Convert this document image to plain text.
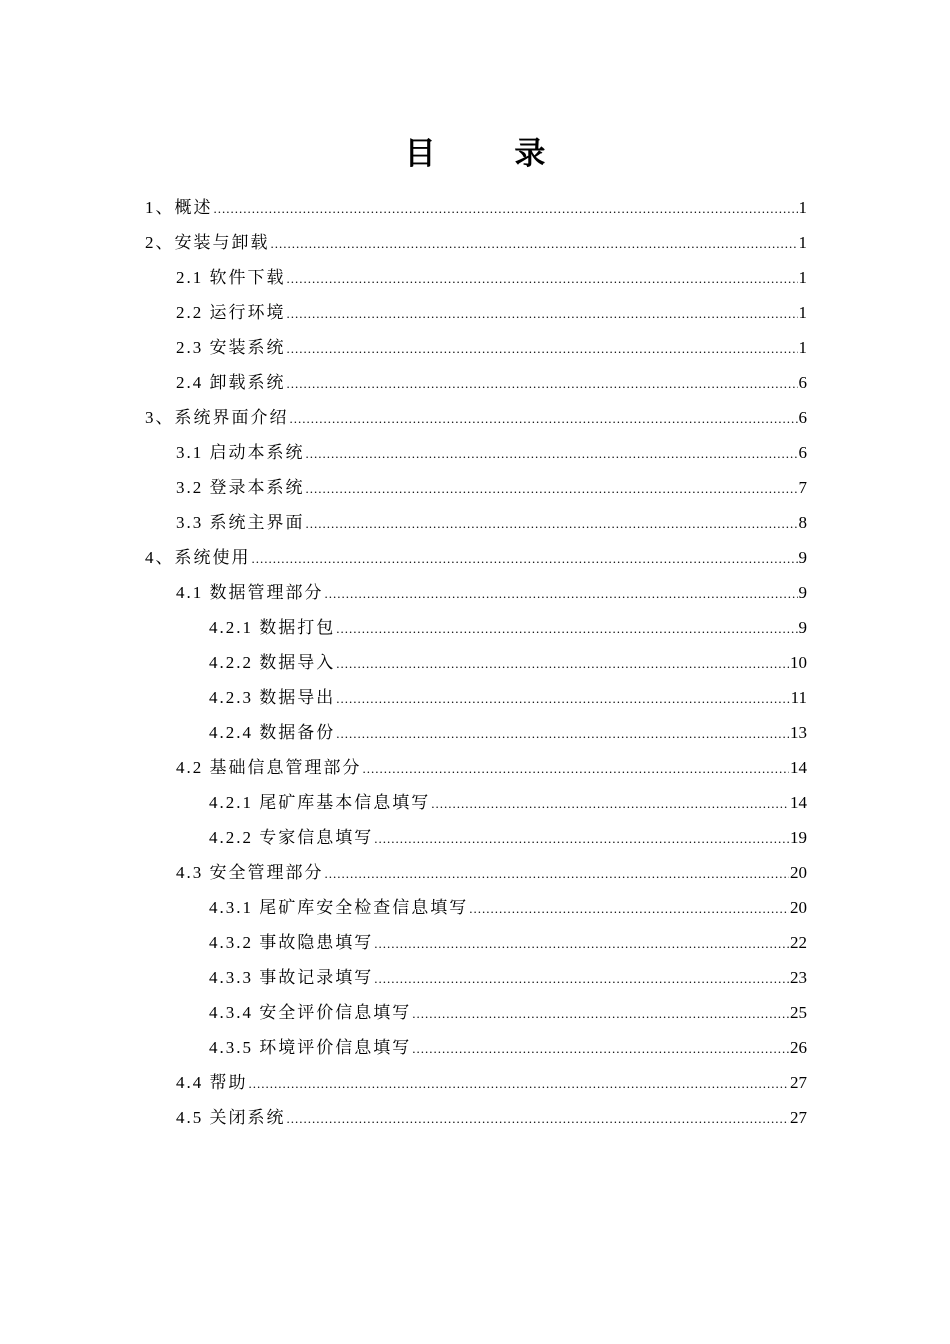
目 录
1、概述 .....	1
2、安装与卸载 .....	1
2.1 软件下载 .....	1
2.2 运行环境 .....	1
2.3 安装系统 .....	1
2.4 卸载系统 .....	6
3、系统界面介绍 .....	6
3.1 启动本系统 .....	6
3.2 登录本系统 .....	7
3.3 系统主界面 .....	8
4、系统使用 .....	9
4.1 数据管理部分 .....	9
4.2.1 数据打包 .....	9
4.2.2 数据导入 .....	10
4.2.3 数据导出 .....	11
4.2.4 数据备份 .....	13
4.2 基础信息管理部分 .....	14
4.2.1 尾矿库基本信息填写 .....	14
4.2.2 专家信息填写 .....	19
4.3 安全管理部分 .....	20
4.3.1 尾矿库安全检查信息填写 .....	20
4.3.2 事故隐患填写 .....	22
4.3.3 事故记录填写 .....	23
4.3.4 安全评价信息填写 .....	25
4.3.5 环境评价信息填写 .....	26
4.4 帮助 .....	27
4.5 关闭系统 .....	27
